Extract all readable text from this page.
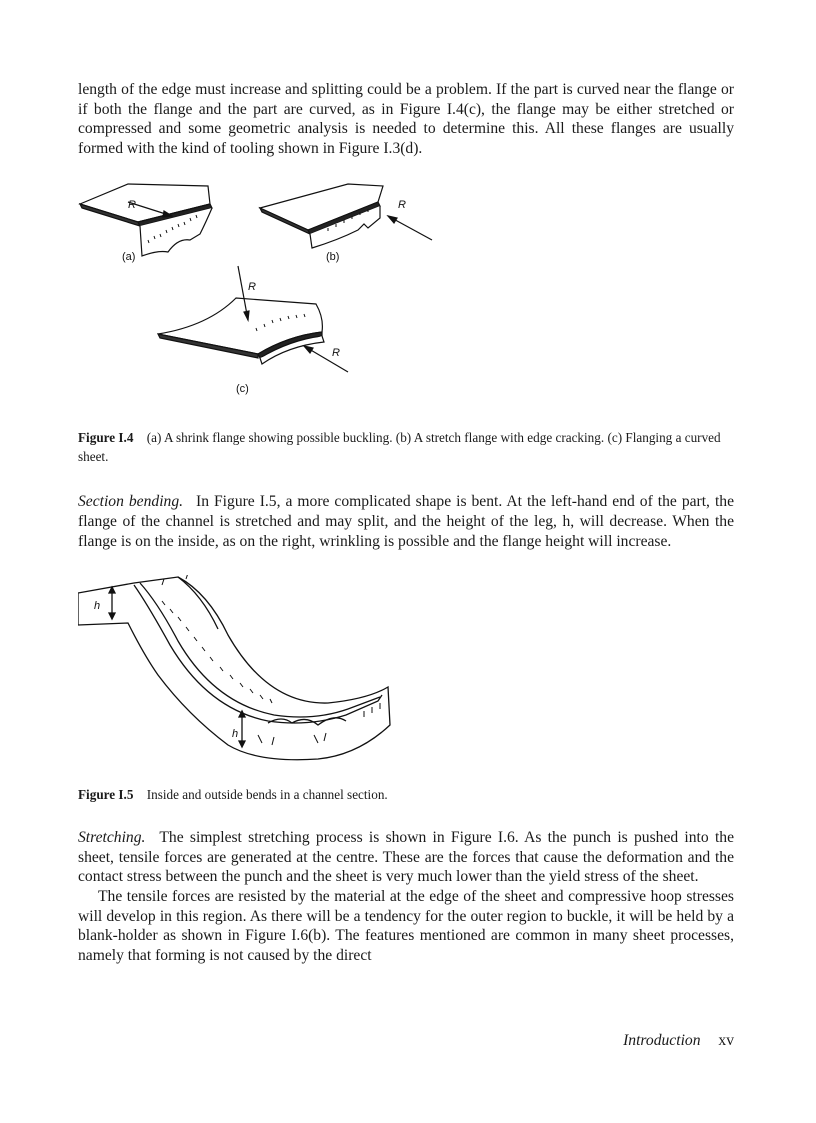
length of the edge must increase and splitting could be a problem. If the part is curved near the flange or if both the flange and the part are curved, as in Figure I.4(c), the flange may be either stretched or compressed and some geometric analysis is needed to determine this. All these flanges are usually formed with the kind of tooling shown in Figure I.3(d).

R	R
R
R
(a)	(b)
(c)

Figure I.4 (a) A shrink flange showing possible buckling. (b) A stretch flange with edge cracking. (c) Flanging a curved sheet.

Section bending. In Figure I.5, a more complicated shape is bent. At the left-hand end of the part, the flange of the channel is stretched and may split, and the height of the leg, h, will decrease. When the flange is on the inside, as on the right, wrinkling is possible and the flange height will increase.

h
h

Figure I.5 Inside and outside bends in a channel section.

Stretching. The simplest stretching process is shown in Figure I.6. As the punch is pushed into the sheet, tensile forces are generated at the centre. These are the forces that cause the deformation and the contact stress between the punch and the sheet is very much lower than the yield stress of the sheet.

The tensile forces are resisted by the material at the edge of the sheet and compressive hoop stresses will develop in this region. As there will be a tendency for the outer region to buckle, it will be held by a blank-holder as shown in Figure I.6(b). The features mentioned are common in many sheet processes, namely that forming is not caused by the direct

Introduction xv
